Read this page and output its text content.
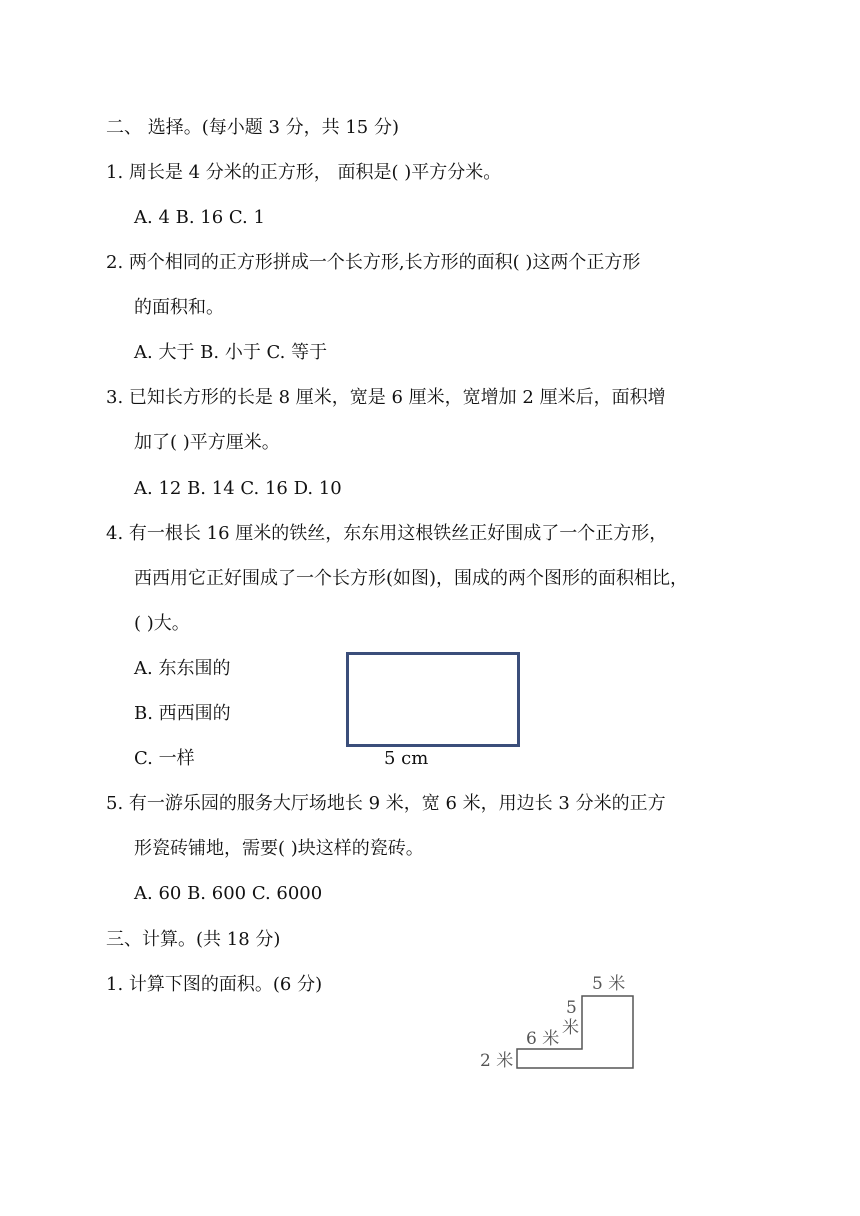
二、 选择。(每小题 3 分，共 15 分)
1. 周长是 4 分米的正方形， 面积是( )平方分米。
A. 4 B. 16 C. 1
2. 两个相同的正方形拼成一个长方形,长方形的面积( )这两个正方形
的面积和。
A. 大于 B. 小于 C. 等于
3. 已知长方形的长是 8 厘米，宽是 6 厘米，宽增加 2 厘米后，面积增
加了( )平方厘米。
A. 12 B. 14 C. 16 D. 10
4. 有一根长 16 厘米的铁丝，东东用这根铁丝正好围成了一个正方形，
西西用它正好围成了一个长方形(如图)，围成的两个图形的面积相比，
( )大。
A. 东东围的
B. 西西围的
C. 一样	5 cm
5. 有一游乐园的服务大厅场地长 9 米，宽 6 米，用边长 3 分米的正方
形瓷砖铺地，需要( )块这样的瓷砖。
A. 60 B. 600 C. 6000
三、计算。(共 18 分)
1. 计算下图的面积。(6 分)	5 米
5
米
6 米
2 米
